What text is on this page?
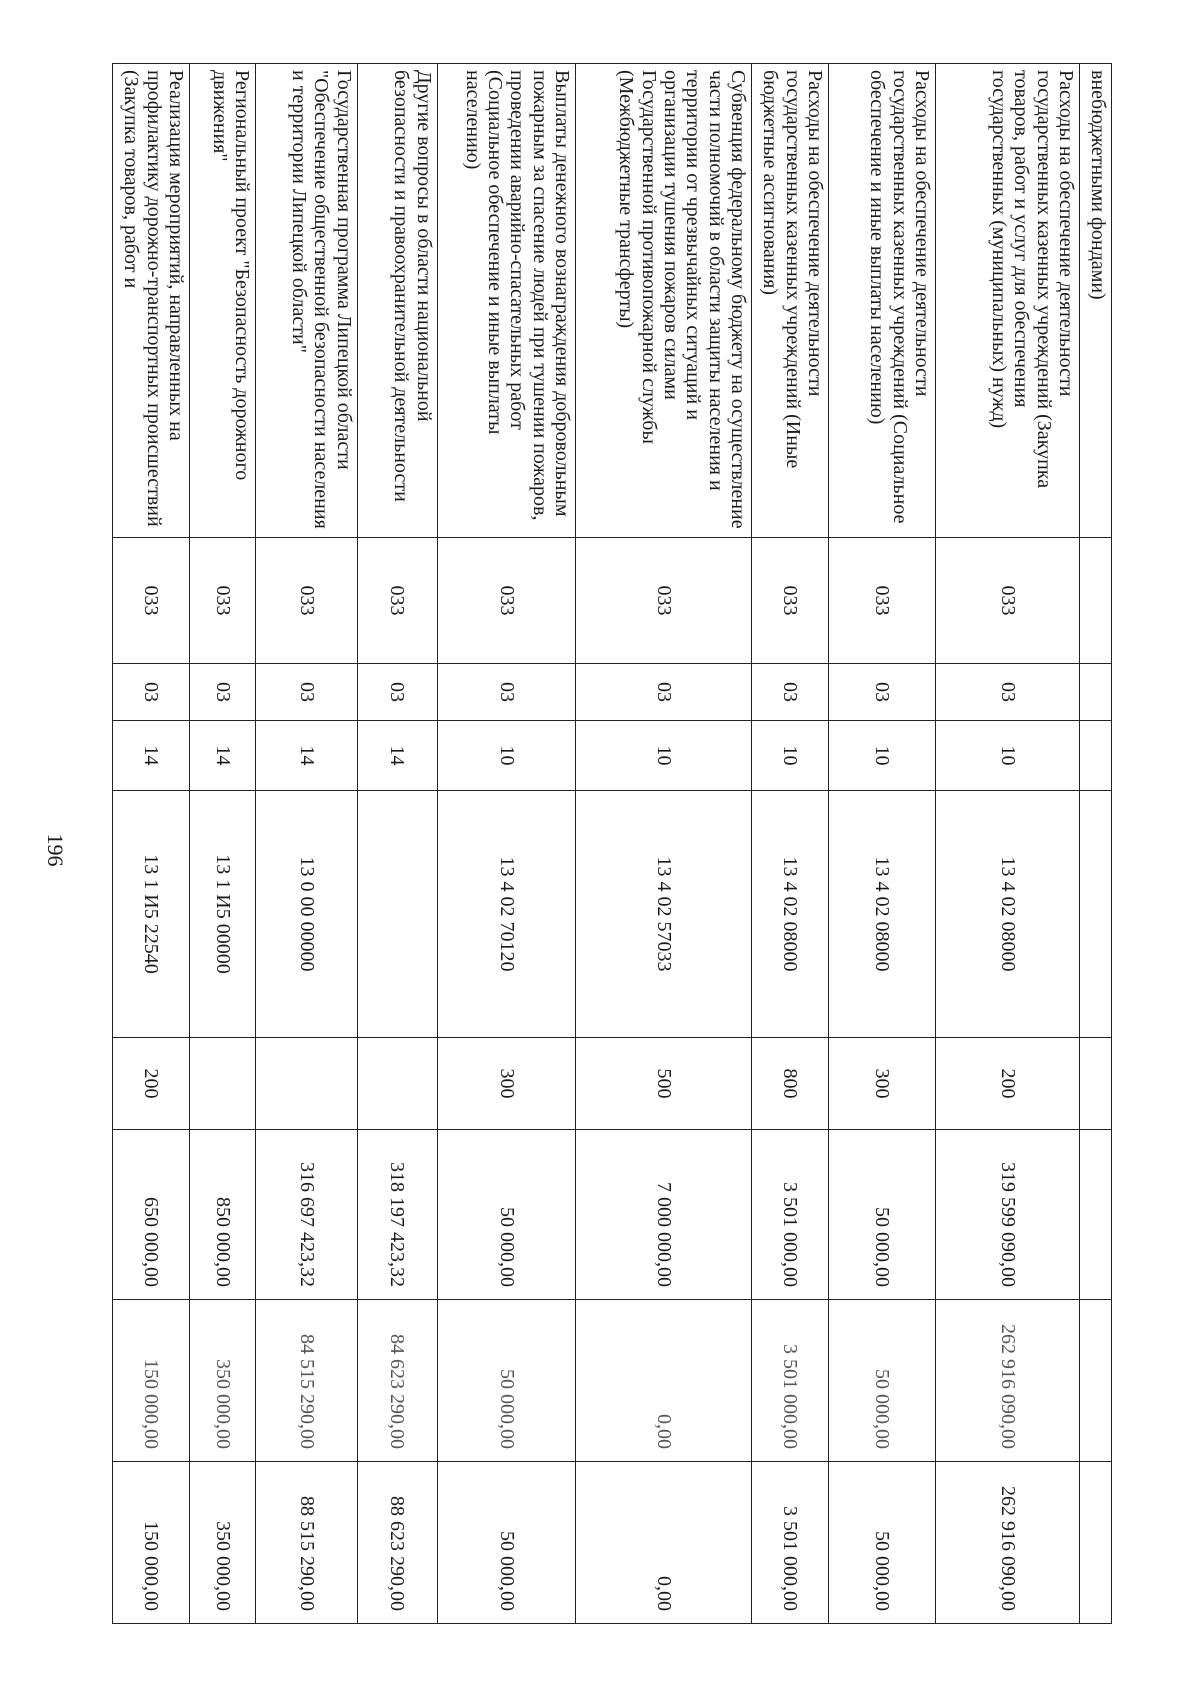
196
внебюджетными фондами)								
Расходы на обеспечение деятельности государственных казенных учреждений (Закупка товаров, работ и услуг для обеспечения государственных (муниципальных) нужд)	033	03	10	13 4 02 08000	200	319 599 090,00	262 916 090,00	262 916 090,00
Расходы на обеспечение деятельности государственных казенных учреждений (Социальное обеспечение и иные выплаты населению)	033	03	10	13 4 02 08000	300	50 000,00	50 000,00	50 000,00
Расходы на обеспечение деятельности государственных казенных учреждений (Иные бюджетные ассигнования)	033	03	10	13 4 02 08000	800	3 501 000,00	3 501 000,00	3 501 000,00
Субвенция федеральному бюджету на осуществление части полномочий в области защиты населения и территории от чрезвычайных ситуаций и организации тушения пожаров силами Государственной противопожарной службы (Межбюджетные трансферты)	033	03	10	13 4 02 57033	500	7 000 000,00	0,00	0,00
Выплаты денежного вознаграждения добровольным пожарным за спасение людей при тушении пожаров, проведении аварийно-спасательных работ (Социальное обеспечение и иные выплаты населению)	033	03	10	13 4 02 70120	300	50 000,00	50 000,00	50 000,00
Другие вопросы в области национальной безопасности и правоохранительной деятельности	033	03	14			318 197 423,32	84 623 290,00	88 623 290,00
Государственная программа Липецкой области "Обеспечение общественной безопасности населения и территории Липецкой области"	033	03	14	13 0 00 00000		316 697 423,32	84 515 290,00	88 515 290,00
Региональный проект "Безопасность дорожного движения"	033	03	14	13 1 И5 00000		850 000,00	350 000,00	350 000,00
Реализация мероприятий, направленных на профилактику дорожно-транспортных происшествий (Закупка товаров, работ и	033	03	14	13 1 И5 22540	200	650 000,00	150 000,00	150 000,00
